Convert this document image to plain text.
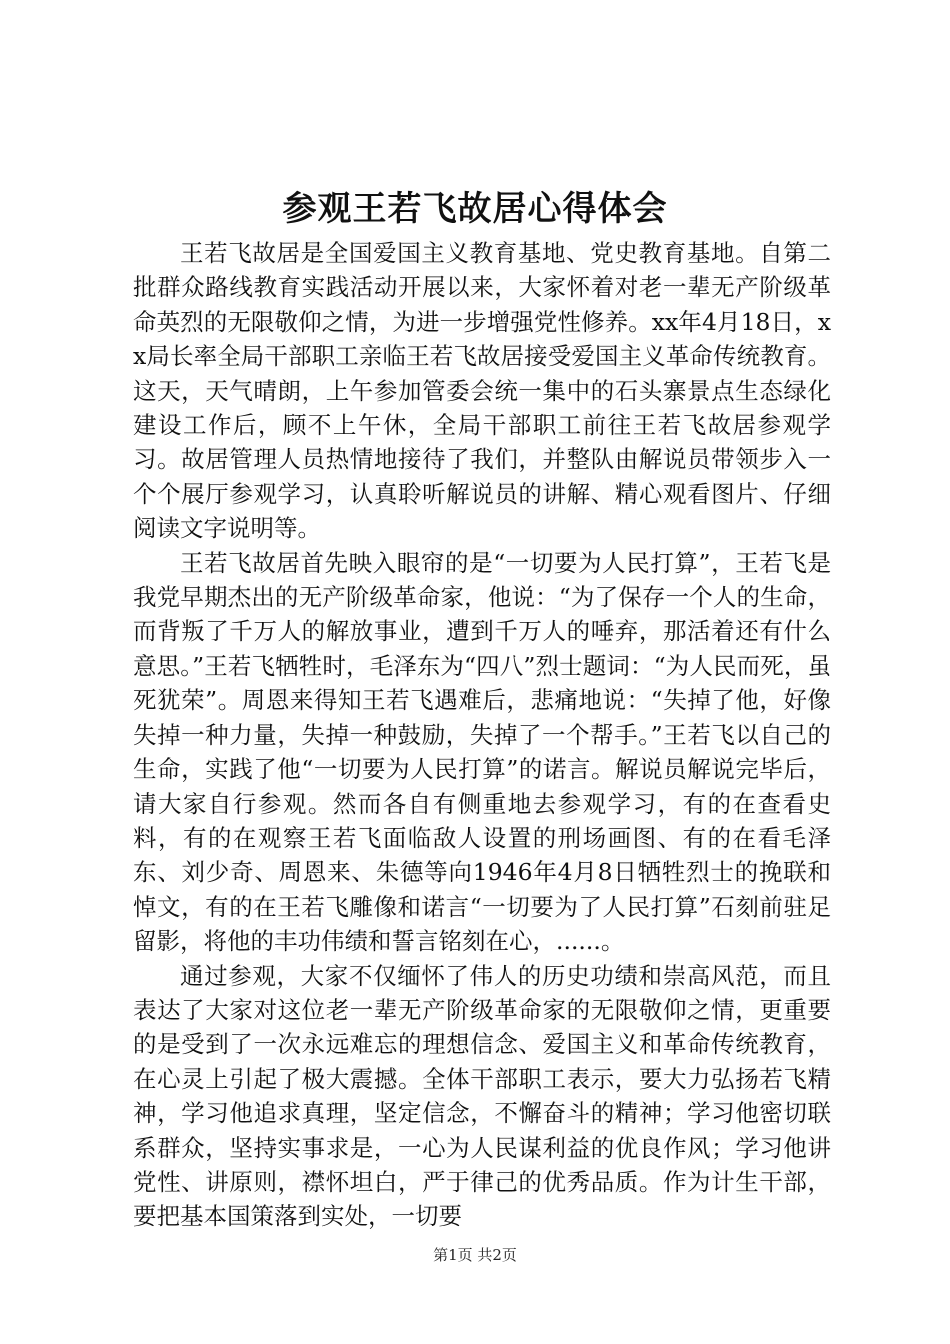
参观王若飞故居心得体会

王若飞故居是全国爱国主义教育基地、党史教育基地。自第二批群众路线教育实践活动开展以来，大家怀着对老一辈无产阶级革命英烈的无限敬仰之情，为进一步增强党性修养。xx年4月18日，xx局长率全局干部职工亲临王若飞故居接受爱国主义革命传统教育。这天，天气晴朗，上午参加管委会统一集中的石头寨景点生态绿化建设工作后，顾不上午休，全局干部职工前往王若飞故居参观学习。故居管理人员热情地接待了我们，并整队由解说员带领步入一个个展厅参观学习，认真聆听解说员的讲解、精心观看图片、仔细阅读文字说明等。

王若飞故居首先映入眼帘的是“一切要为人民打算”，王若飞是我党早期杰出的无产阶级革命家，他说：“为了保存一个人的生命，而背叛了千万人的解放事业，遭到千万人的唾弃，那活着还有什么意思。”王若飞牺牲时，毛泽东为“四八”烈士题词：“为人民而死，虽死犹荣”。周恩来得知王若飞遇难后，悲痛地说：“失掉了他，好像失掉一种力量，失掉一种鼓励，失掉了一个帮手。”王若飞以自己的生命，实践了他“一切要为人民打算”的诺言。解说员解说完毕后，请大家自行参观。然而各自有侧重地去参观学习，有的在查看史料，有的在观察王若飞面临敌人设置的刑场画图、有的在看毛泽东、刘少奇、周恩来、朱德等向1946年4月8日牺牲烈士的挽联和悼文，有的在王若飞雕像和诺言“一切要为了人民打算”石刻前驻足留影，将他的丰功伟绩和誓言铭刻在心，......。

通过参观，大家不仅缅怀了伟人的历史功绩和崇高风范，而且表达了大家对这位老一辈无产阶级革命家的无限敬仰之情，更重要的是受到了一次永远难忘的理想信念、爱国主义和革命传统教育，在心灵上引起了极大震撼。全体干部职工表示，要大力弘扬若飞精神，学习他追求真理，坚定信念，不懈奋斗的精神；学习他密切联系群众，坚持实事求是，一心为人民谋利益的优良作风；学习他讲党性、讲原则，襟怀坦白，严于律己的优秀品质。作为计生干部，要把基本国策落到实处，一切要

第1页 共2页
